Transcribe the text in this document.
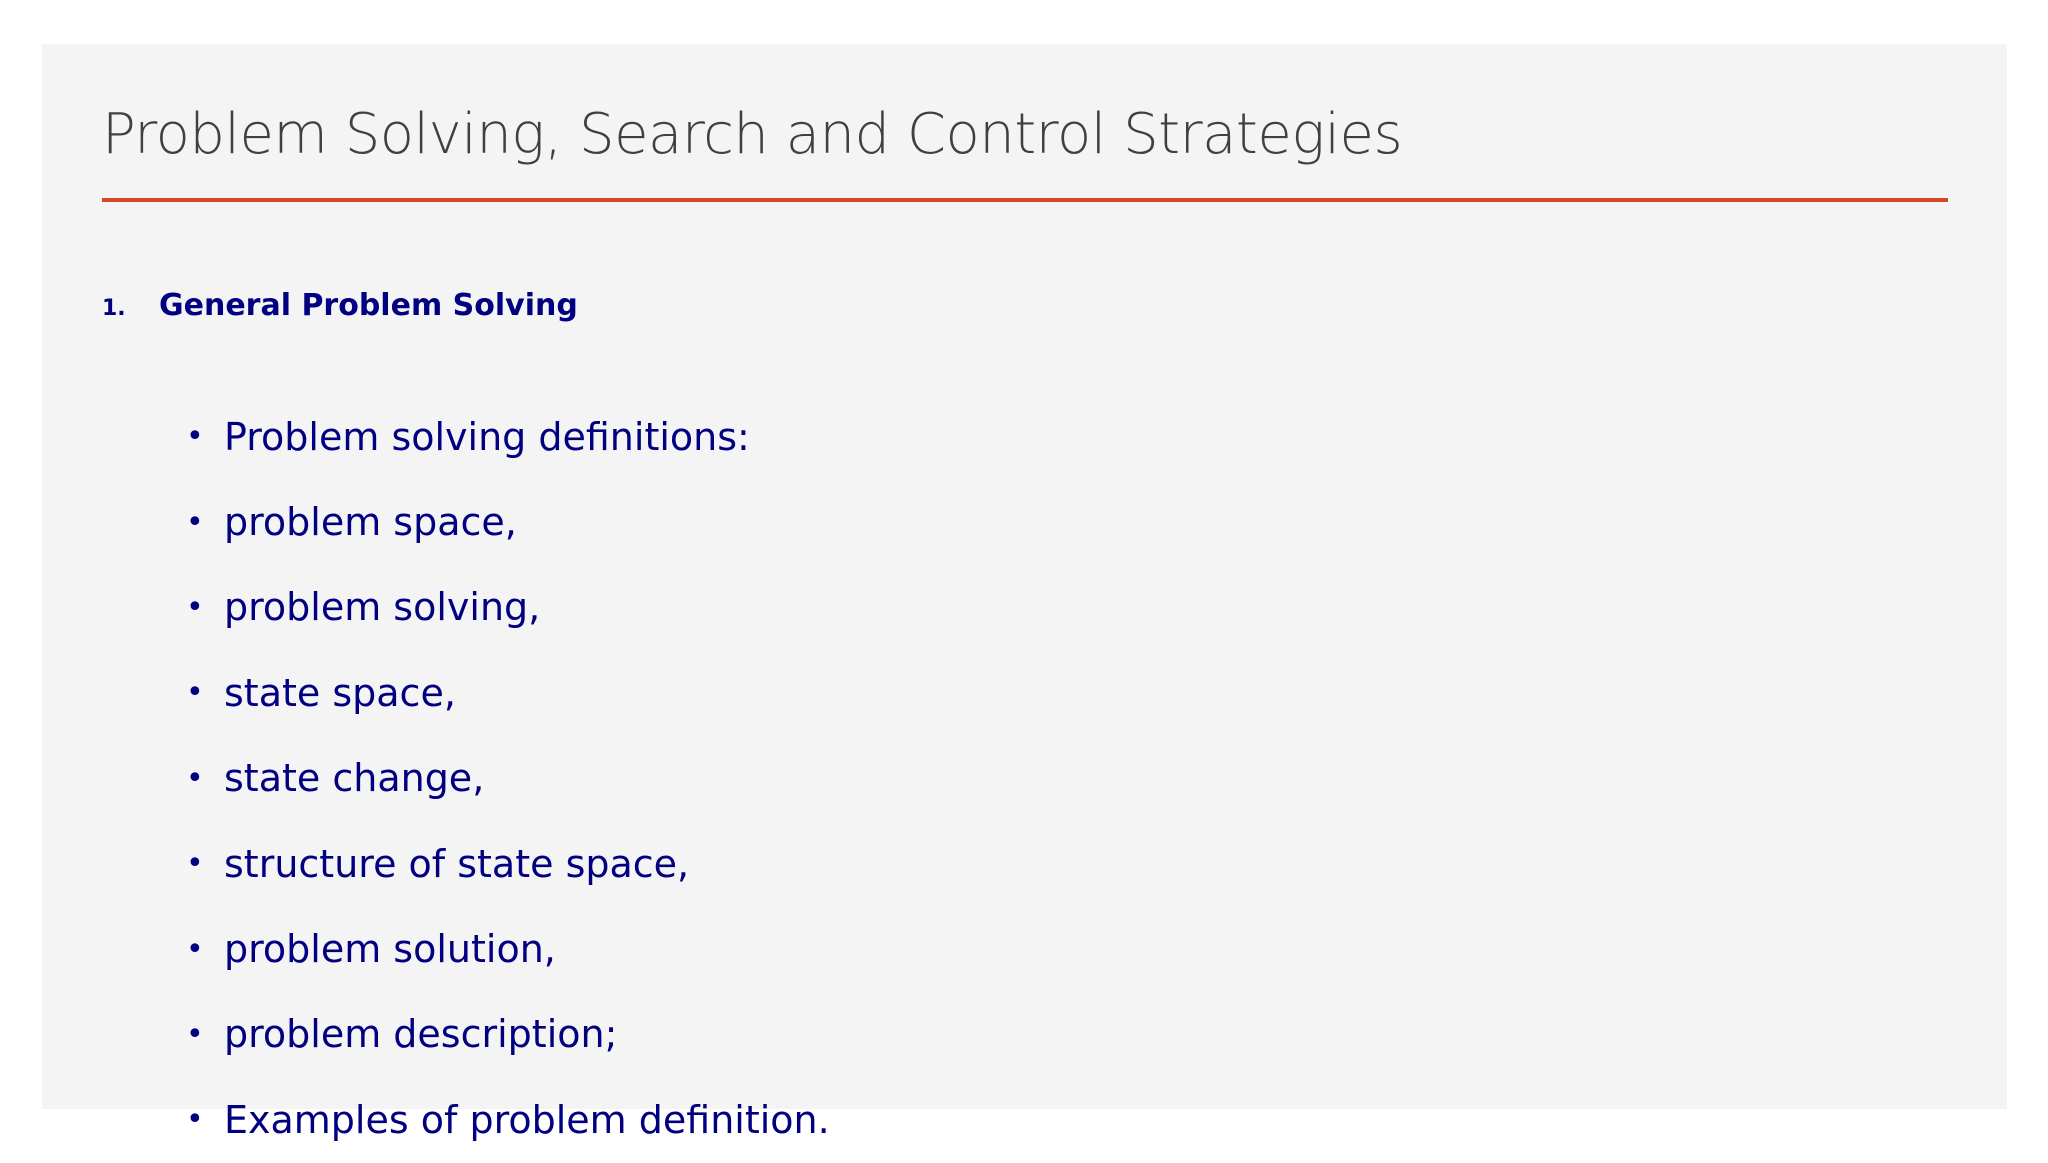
Problem Solving, Search and Control Strategies
1.	General Problem Solving
• Problem solving definitions:
• problem space,
• problem solving,
• state space,
• state change,
• structure of state space,
• problem solution,
• problem description;
• Examples of problem definition.
